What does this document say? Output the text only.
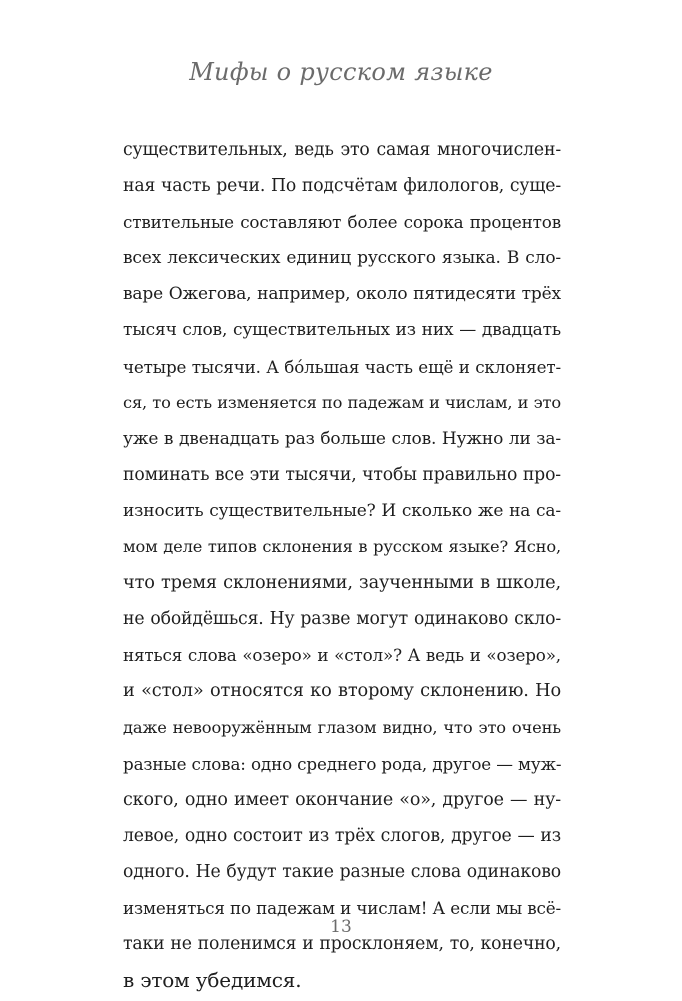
Мифы о русском языке
существительных, ведь это самая многочислен-
ная часть речи. По подсчётам филологов, суще-
ствительные составляют более сорока процентов
всех лексических единиц русского языка. В сло-
варе Ожегова, например, около пятидесяти трёх
тысяч слов, существительных из них — двадцать
четыре тысячи. А бóльшая часть ещё и склоняет-
ся, то есть изменяется по падежам и числам, и это
уже в двенадцать раз больше слов. Нужно ли за-
поминать все эти тысячи, чтобы правильно про-
износить существительные? И сколько же на са-
мом деле типов склонения в русском языке? Ясно,
что тремя склонениями, заученными в школе,
не обойдёшься. Ну разве могут одинаково скло-
няться слова «озеро» и «стол»? А ведь и «озеро»,
и «стол» относятся ко второму склонению. Но
даже невооружённым глазом видно, что это очень
разные слова: одно среднего рода, другое — муж-
ского, одно имеет окончание «о», другое — ну-
левое, одно состоит из трёх слогов, другое — из
одного. Не будут такие разные слова одинаково
изменяться по падежам и числам! А если мы всё-
таки не поленимся и просклоняем, то, конечно,
в этом убедимся.
13
